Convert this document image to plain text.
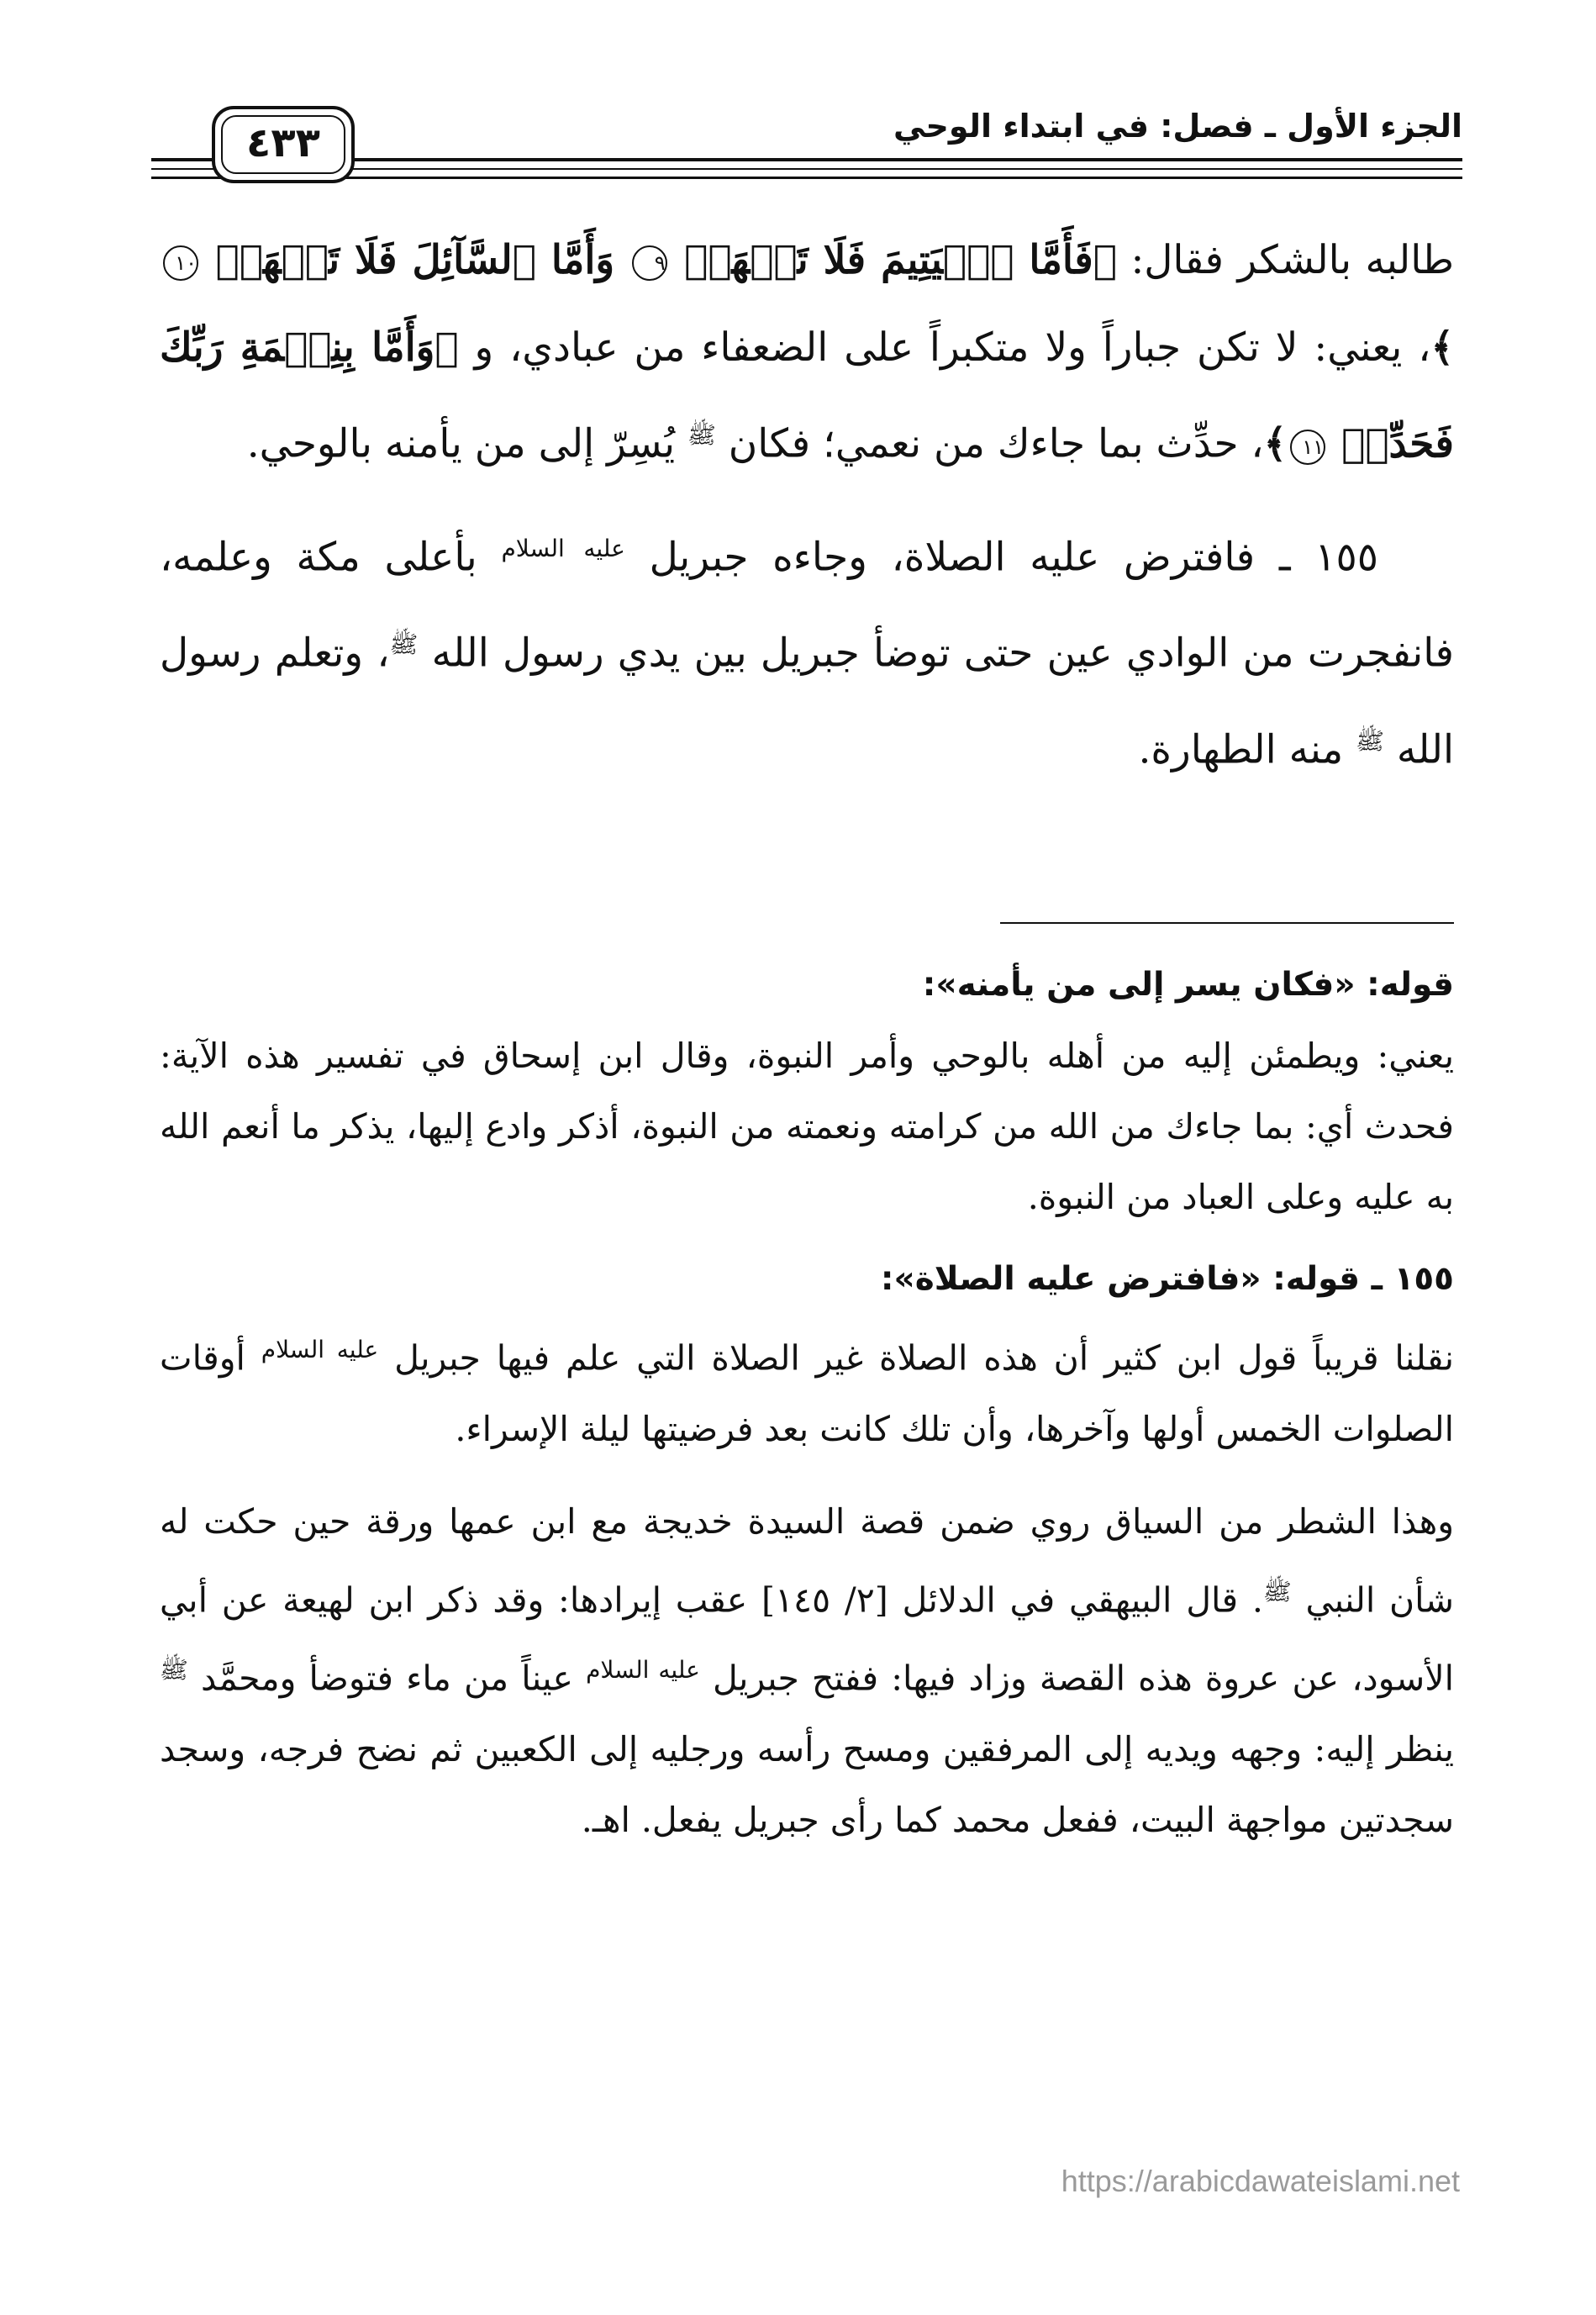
الجزء الأول ـ فصل: في ابتداء الوحي
٤٣٣

طالبه بالشكر فقال: ﴿فَأَمَّا ٱلۡيَتِيمَ فَلَا تَقۡهَرۡ ٩ وَأَمَّا ٱلسَّآئِلَ فَلَا تَنۡهَرۡ ١٠﴾، يعني: لا تكن جباراً ولا متكبراً على الضعفاء من عبادي، و ﴿وَأَمَّا بِنِعۡمَةِ رَبِّكَ فَحَدِّثۡ ١١﴾، حدِّث بما جاءك من نعمي؛ فكان $^ﷺ$ يُسِرّ إلى من يأمنه بالوحي.

١٥٥ ـ فافترض عليه الصلاة، وجاءه جبريل $^{عليه السلام}$ بأعلى مكة وعلمه، فانفجرت من الوادي عين حتى توضأ جبريل بين يدي رسول الله $^ﷺ$، وتعلم رسول الله $^ﷺ$ منه الطهارة.

قوله: «فكان يسر إلى من يأمنه»:

يعني: ويطمئن إليه من أهله بالوحي وأمر النبوة، وقال ابن إسحاق في تفسير هذه الآية: فحدث أي: بما جاءك من الله من كرامته ونعمته من النبوة، أذكر وادع إليها، يذكر ما أنعم الله به عليه وعلى العباد من النبوة.

١٥٥ ـ قوله: «فافترض عليه الصلاة»:

نقلنا قريباً قول ابن كثير أن هذه الصلاة غير الصلاة التي علم فيها جبريل $^{عليه السلام}$ أوقات الصلوات الخمس أولها وآخرها، وأن تلك كانت بعد فرضيتها ليلة الإسراء.

وهذا الشطر من السياق روي ضمن قصة السيدة خديجة مع ابن عمها ورقة حين حكت له شأن النبي $^ﷺ$. قال البيهقي في الدلائل [٢/ ١٤٥] عقب إيرادها: وقد ذكر ابن لهيعة عن أبي الأسود، عن عروة هذه القصة وزاد فيها: ففتح جبريل $^{عليه السلام}$ عيناً من ماء فتوضأ ومحمَّد $^ﷺ$ ينظر إليه: وجهه ويديه إلى المرفقين ومسح رأسه ورجليه إلى الكعبين ثم نضح فرجه، وسجد سجدتين مواجهة البيت، ففعل محمد كما رأى جبريل يفعل. اهـ.

https://arabicdawateislami.net
